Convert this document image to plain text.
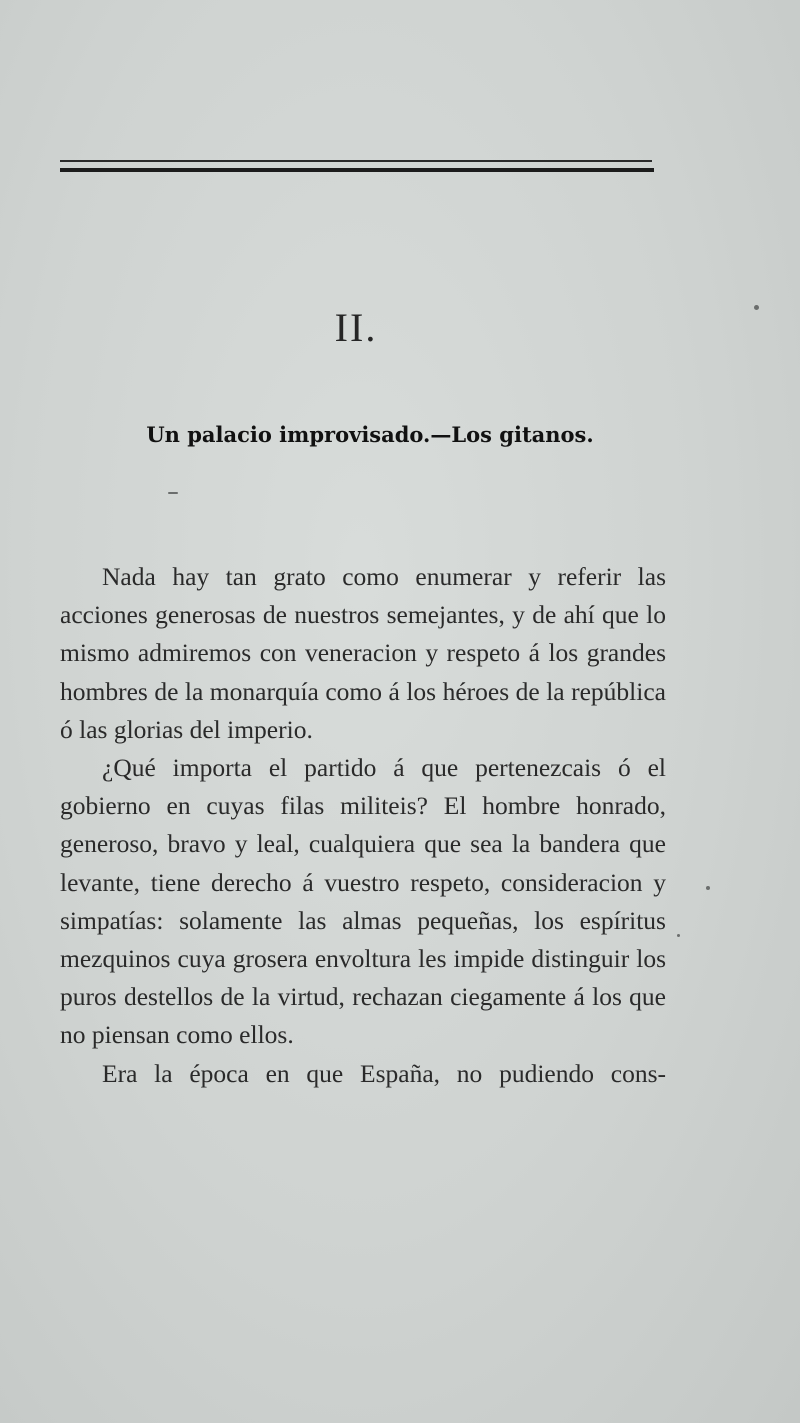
II.
Un palacio improvisado.—Los gitanos.

Nada hay tan grato como enumerar y referir las acciones generosas de nuestros semejantes, y de ahí que lo mismo admiremos con veneracion y respeto á los grandes hombres de la monarquía como á los héroes de la república ó las glorias del imperio.

¿Qué importa el partido á que pertenezcais ó el gobierno en cuyas filas militeis? El hombre honrado, generoso, bravo y leal, cualquiera que sea la bandera que levante, tiene derecho á vuestro respeto, consideracion y simpatías: solamente las almas pequeñas, los espíritus mezquinos cuya grosera envoltura les impide distinguir los puros destellos de la virtud, rechazan ciegamente á los que no piensan como ellos.

Era la época en que España, no pudiendo cons-
